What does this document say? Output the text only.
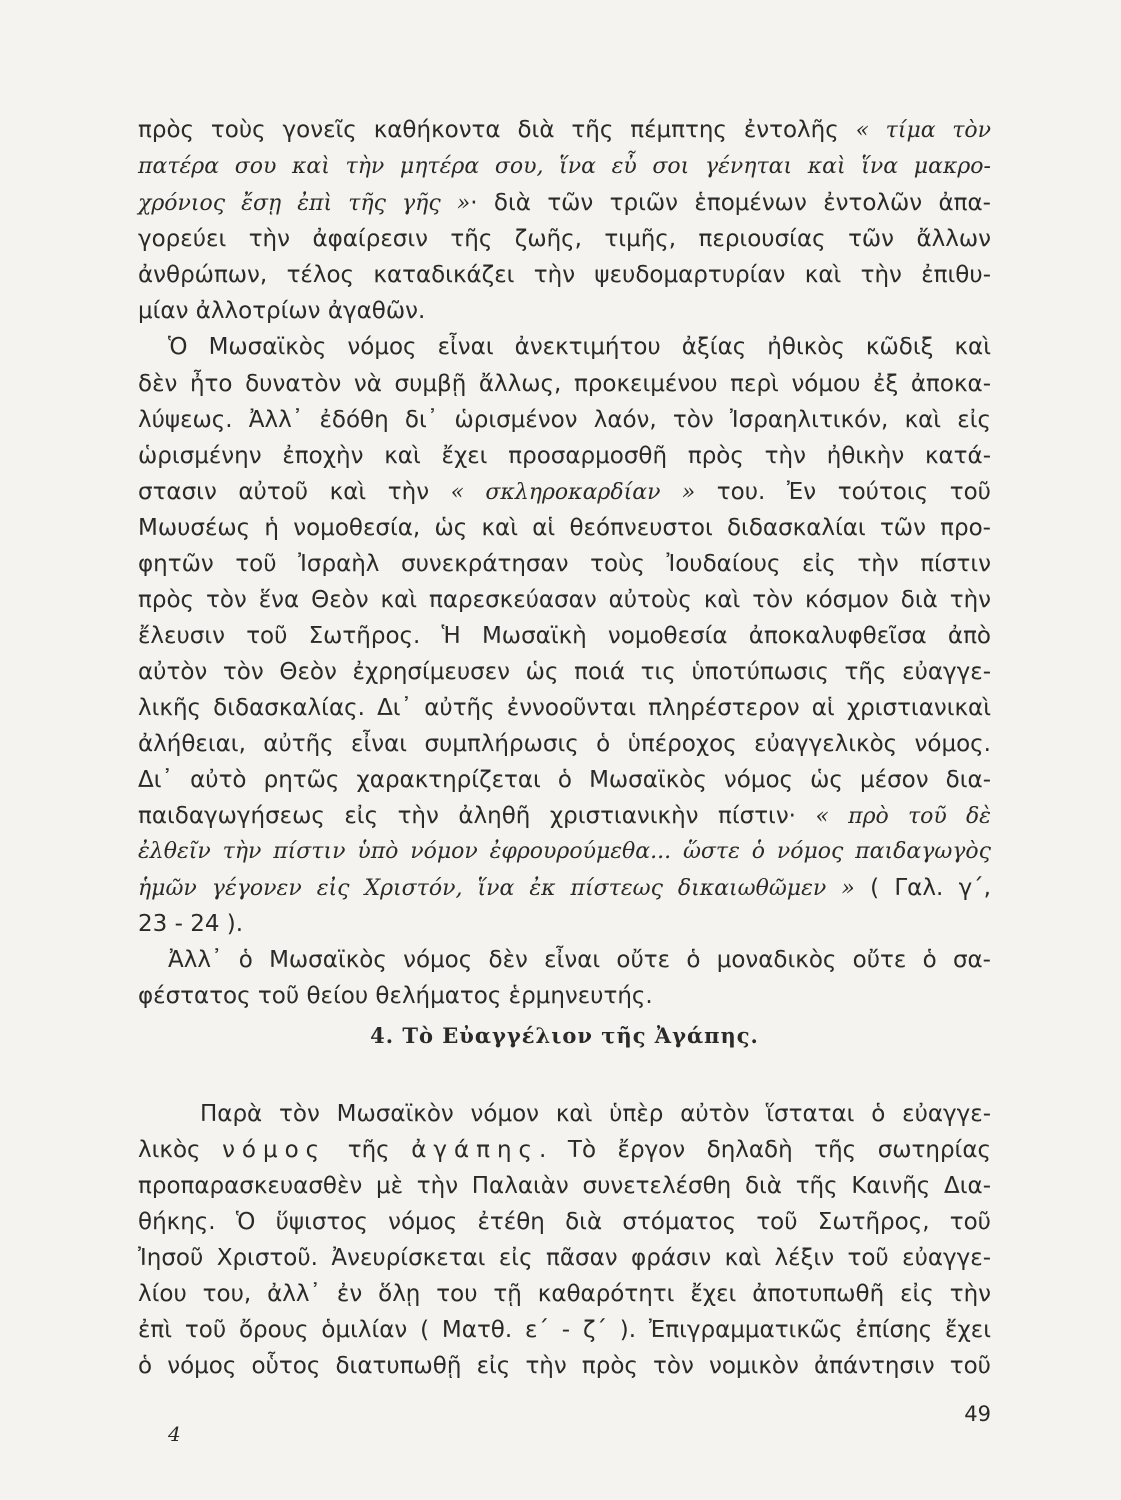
πρὸς τοὺς γονεῖς καθήκοντα διὰ τῆς πέμπτης ἐντολῆς « τίμα τὸν
πατέρα σου καὶ τὴν μητέρα σου, ἵνα εὖ σοι γένηται καὶ ἵνα μακρο-
χρόνιος ἔσῃ ἐπὶ τῆς γῆς »· διὰ τῶν τριῶν ἑπομένων ἐντολῶν ἀπα-
γορεύει τὴν ἀφαίρεσιν τῆς ζωῆς, τιμῆς, περιουσίας τῶν ἄλλων
ἀνθρώπων, τέλος καταδικάζει τὴν ψευδομαρτυρίαν καὶ τὴν ἐπιθυ-
μίαν ἀλλοτρίων ἀγαθῶν.
Ὁ Μωσαϊκὸς νόμος εἶναι ἀνεκτιμήτου ἀξίας ἠθικὸς κῶδιξ καὶ
δὲν ἦτο δυνατὸν νὰ συμβῇ ἄλλως, προκειμένου περὶ νόμου ἐξ ἀποκα-
λύψεως. Ἀλλ᾽ ἐδόθη δι᾽ ὡρισμένον λαόν, τὸν Ἰσραηλιτικόν, καὶ εἰς
ὡρισμένην ἐποχὴν καὶ ἔχει προσαρμοσθῆ πρὸς τὴν ἠθικὴν κατά-
στασιν αὐτοῦ καὶ τὴν « σκληροκαρδίαν » του. Ἐν τούτοις τοῦ
Μωυσέως ἡ νομοθεσία, ὡς καὶ αἱ θεόπνευστοι διδασκαλίαι τῶν προ-
φητῶν τοῦ Ἰσραὴλ συνεκράτησαν τοὺς Ἰουδαίους εἰς τὴν πίστιν
πρὸς τὸν ἕνα Θεὸν καὶ παρεσκεύασαν αὐτοὺς καὶ τὸν κόσμον διὰ τὴν
ἔλευσιν τοῦ Σωτῆρος. Ἡ Μωσαϊκὴ νομοθεσία ἀποκαλυφθεῖσα ἀπὸ
αὐτὸν τὸν Θεὸν ἐχρησίμευσεν ὡς ποιά τις ὑποτύπωσις τῆς εὐαγγε-
λικῆς διδασκαλίας. Δι᾽ αὐτῆς ἐννοοῦνται πληρέστερον αἱ χριστιανικαὶ
ἀλήθειαι, αὐτῆς εἶναι συμπλήρωσις ὁ ὑπέροχος εὐαγγελικὸς νόμος.
Δι᾽ αὐτὸ ρητῶς χαρακτηρίζεται ὁ Μωσαϊκὸς νόμος ὡς μέσον δια-
παιδαγωγήσεως εἰς τὴν ἀληθῆ χριστιανικὴν πίστιν· « πρὸ τοῦ δὲ
ἐλθεῖν τὴν πίστιν ὑπὸ νόμον ἐφρουρούμεθα... ὥστε ὁ νόμος παιδαγωγὸς
ἡμῶν γέγονεν εἰς Χριστόν, ἵνα ἐκ πίστεως δικαιωθῶμεν » ( Γαλ. γ΄,
23 - 24 ).
Ἀλλ᾽ ὁ Μωσαϊκὸς νόμος δὲν εἶναι οὔτε ὁ μοναδικὸς οὔτε ὁ σα-
φέστατος τοῦ θείου θελήματος ἑρμηνευτής.
4. Τὸ Εὐαγγέλιον τῆς Ἀγάπης.
Παρὰ τὸν Μωσαϊκὸν νόμον καὶ ὑπὲρ αὐτὸν ἵσταται ὁ εὐαγγε-
λικὸς νόμος τῆς ἀγάπης. Τὸ ἔργον δηλαδὴ τῆς σωτηρίας
προπαρασκευασθὲν μὲ τὴν Παλαιὰν συνετελέσθη διὰ τῆς Καινῆς Δια-
θήκης. Ὁ ὕψιστος νόμος ἐτέθη διὰ στόματος τοῦ Σωτῆρος, τοῦ
Ἰησοῦ Χριστοῦ. Ἀνευρίσκεται εἰς πᾶσαν φράσιν καὶ λέξιν τοῦ εὐαγγε-
λίου του, ἀλλ᾽ ἐν ὅλῃ του τῇ καθαρότητι ἔχει ἀποτυπωθῆ εἰς τὴν
ἐπὶ τοῦ ὄρους ὁμιλίαν ( Ματθ. ε΄ - ζ΄ ). Ἐπιγραμματικῶς ἐπίσης ἔχει
ὁ νόμος οὗτος διατυπωθῇ εἰς τὴν πρὸς τὸν νομικὸν ἀπάντησιν τοῦ
4
49
